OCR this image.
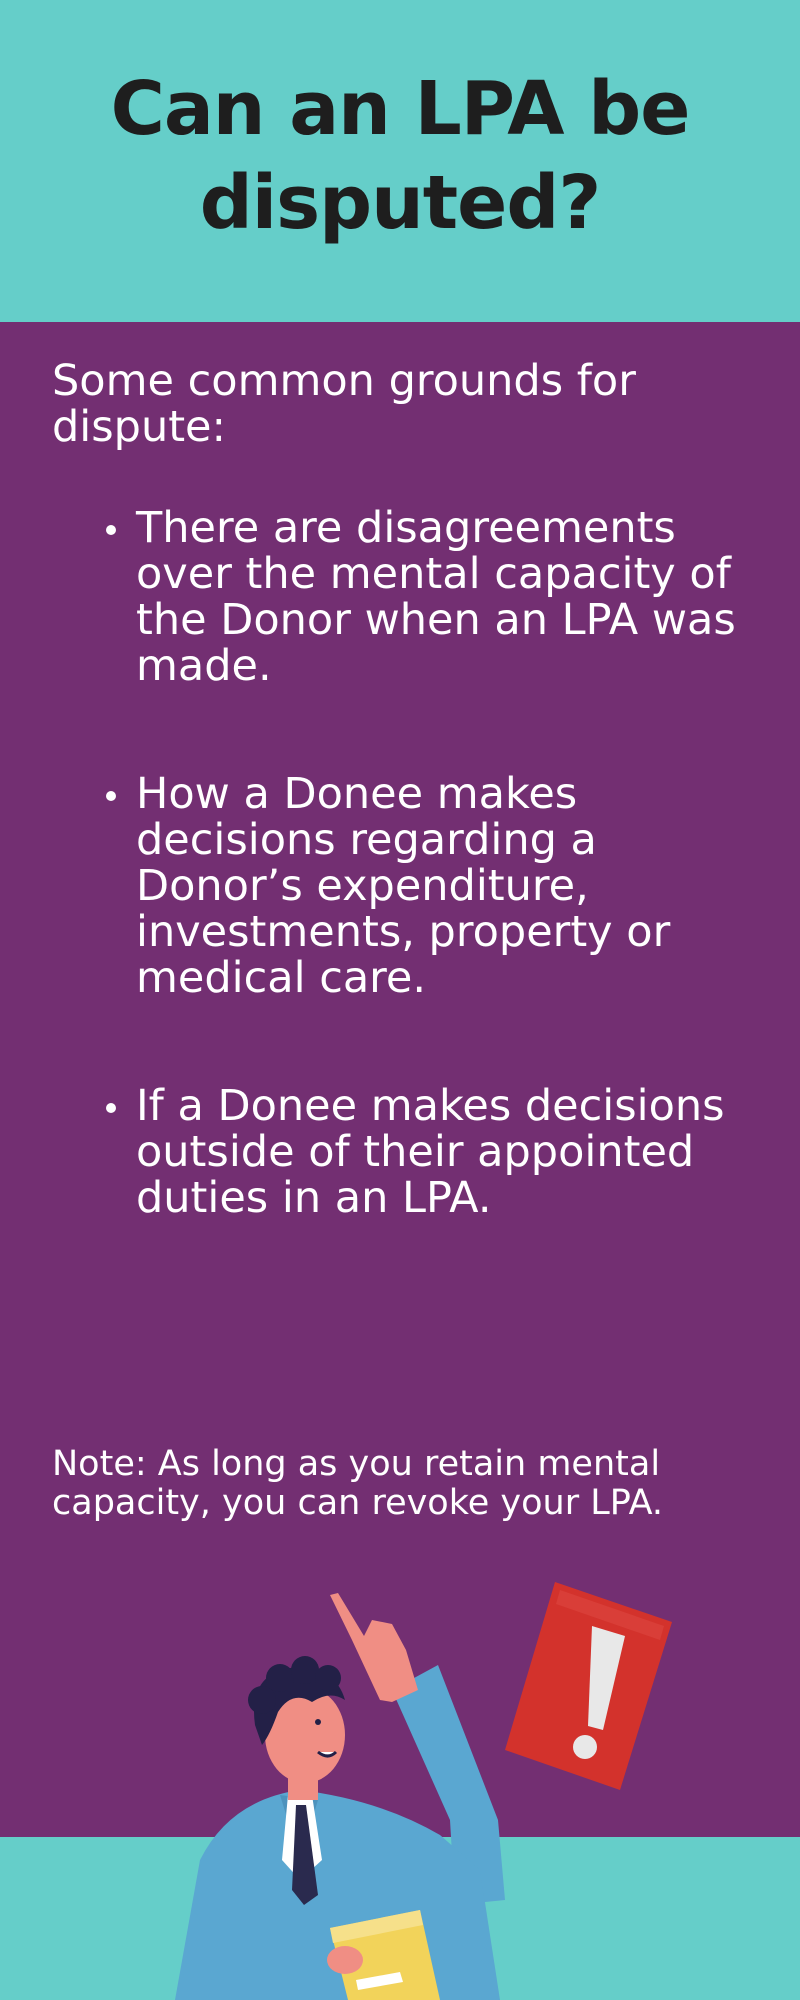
Can an LPA be disputed?

Some common grounds for dispute:

There are disagreements over the mental capacity of the Donor when an LPA was made.
How a Donee makes decisions regarding a Donor’s expenditure, investments, property or medical care.
If a Donee makes decisions outside of their appointed duties in an LPA.

Note: As long as you retain mental capacity, you can revoke your LPA.
